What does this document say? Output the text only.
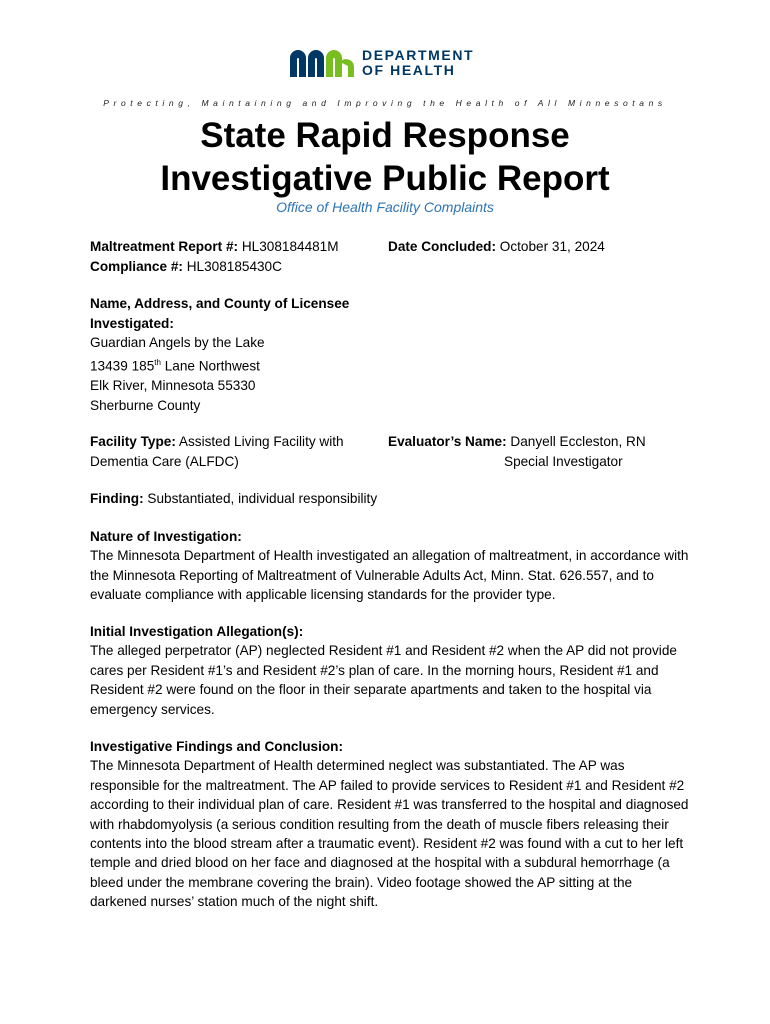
DEPARTMENT
OF HEALTH
Protecting, Maintaining and Improving the Health of All Minnesotans
State Rapid Response
Investigative Public Report
Office of Health Facility Complaints
Maltreatment Report #: HL308184481M
Compliance #: HL308185430C
Date Concluded: October 31, 2024
Name, Address, and County of Licensee
Investigated:
Guardian Angels by the Lake
13439 185th Lane Northwest
Elk River, Minnesota 55330
Sherburne County
Facility Type: Assisted Living Facility with
Dementia Care (ALFDC)
Evaluator’s Name: Danyell Eccleston, RN
Special Investigator
Finding: Substantiated, individual responsibility

Nature of Investigation:

The Minnesota Department of Health investigated an allegation of maltreatment, in accordance with the Minnesota Reporting of Maltreatment of Vulnerable Adults Act, Minn. Stat. 626.557, and to evaluate compliance with applicable licensing standards for the provider type.

Initial Investigation Allegation(s):

The alleged perpetrator (AP) neglected Resident #1 and Resident #2 when the AP did not provide cares per Resident #1’s and Resident #2’s plan of care. In the morning hours, Resident #1 and Resident #2 were found on the floor in their separate apartments and taken to the hospital via emergency services.

Investigative Findings and Conclusion:

The Minnesota Department of Health determined neglect was substantiated. The AP was responsible for the maltreatment. The AP failed to provide services to Resident #1 and Resident #2 according to their individual plan of care. Resident #1 was transferred to the hospital and diagnosed with rhabdomyolysis (a serious condition resulting from the death of muscle fibers releasing their contents into the blood stream after a traumatic event). Resident #2 was found with a cut to her left temple and dried blood on her face and diagnosed at the hospital with a subdural hemorrhage (a bleed under the membrane covering the brain). Video footage showed the AP sitting at the darkened nurses’ station much of the night shift.
